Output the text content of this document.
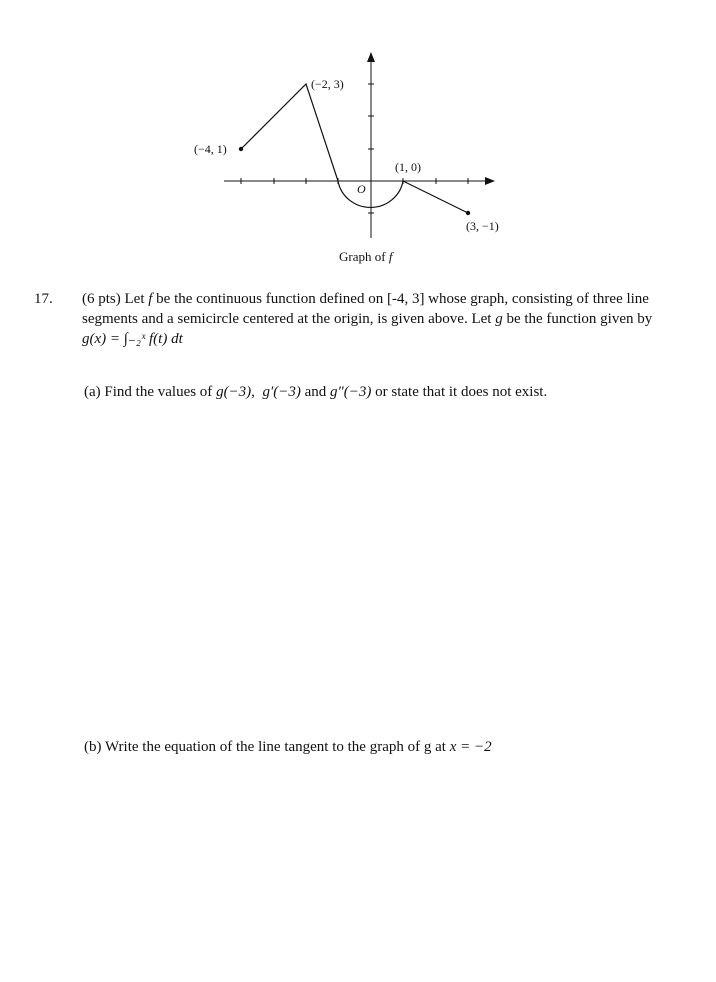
(−4, 1)
(−2, 3)
(1, 0)
(3, −1)
O
Graph of f

17. (6 pts) Let f be the continuous function defined on [-4, 3] whose graph, consisting of three line segments and a semicircle centered at the origin, is given above. Let g be the function given by g(x) = ∫₋₂ˣ f(t) dt

(a) Find the values of g(−3), g′(−3) and g″(−3) or state that it does not exist.
(b) Write the equation of the line tangent to the graph of g at x = −2
